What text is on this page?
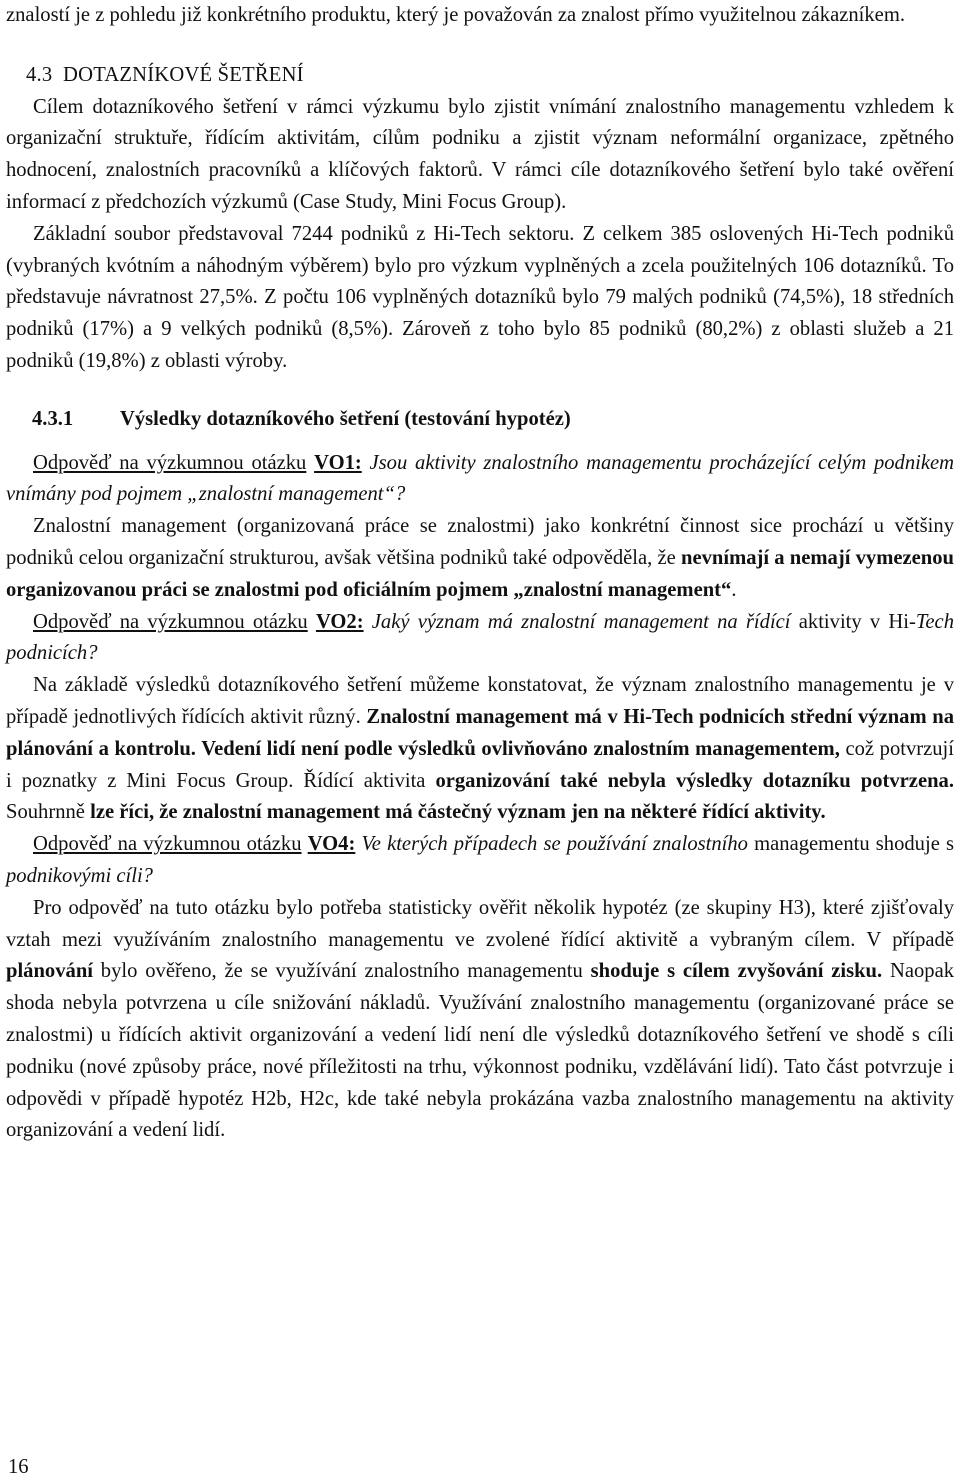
znalostí je z pohledu již konkrétního produktu, který je považován za znalost přímo využitelnou zákazníkem.

4.3 DOTAZNÍKOVÉ ŠETŘENÍ

Cílem dotazníkového šetření v rámci výzkumu bylo zjistit vnímání znalostního managementu vzhledem k organizační struktuře, řídícím aktivitám, cílům podniku a zjistit význam neformální organizace, zpětného hodnocení, znalostních pracovníků a klíčových faktorů. V rámci cíle dotazníkového šetření bylo také ověření informací z předchozích výzkumů (Case Study, Mini Focus Group).

Základní soubor představoval 7244 podniků z Hi-Tech sektoru. Z celkem 385 oslovených Hi-Tech podniků (vybraných kvótním a náhodným výběrem) bylo pro výzkum vyplněných a zcela použitelných 106 dotazníků. To představuje návratnost 27,5%. Z počtu 106 vyplněných dotazníků bylo 79 malých podniků (74,5%), 18 středních podniků (17%) a 9 velkých podniků (8,5%). Zároveň z toho bylo 85 podniků (80,2%) z oblasti služeb a 21 podniků (19,8%) z oblasti výroby.

4.3.1 Výsledky dotazníkového šetření (testování hypotéz)

Odpověď na výzkumnou otázku VO1: Jsou aktivity znalostního managementu procházející celým podnikem vnímány pod pojmem „znalostní management“?

Znalostní management (organizovaná práce se znalostmi) jako konkrétní činnost sice prochází u většiny podniků celou organizační strukturou, avšak většina podniků také odpověděla, že nevnímají a nemají vymezenou organizovanou práci se znalostmi pod oficiálním pojmem „znalostní management“.

Odpověď na výzkumnou otázku VO2: Jaký význam má znalostní management na řídící aktivity v Hi-Tech podnicích?

Na základě výsledků dotazníkového šetření můžeme konstatovat, že význam znalostního managementu je v případě jednotlivých řídících aktivit různý. Znalostní management má v Hi-Tech podnicích střední význam na plánování a kontrolu. Vedení lidí není podle výsledků ovlivňováno znalostním managementem, což potvrzují i poznatky z Mini Focus Group. Řídící aktivita organizování také nebyla výsledky dotazníku potvrzena. Souhrnně lze říci, že znalostní management má částečný význam jen na některé řídící aktivity.

Odpověď na výzkumnou otázku VO4: Ve kterých případech se používání znalostního managementu shoduje s podnikovými cíli?

Pro odpověď na tuto otázku bylo potřeba statisticky ověřit několik hypotéz (ze skupiny H3), které zjišťovaly vztah mezi využíváním znalostního managementu ve zvolené řídící aktivitě a vybraným cílem. V případě plánování bylo ověřeno, že se využívání znalostního managementu shoduje s cílem zvyšování zisku. Naopak shoda nebyla potvrzena u cíle snižování nákladů. Využívání znalostního managementu (organizované práce se znalostmi) u řídících aktivit organizování a vedení lidí není dle výsledků dotazníkového šetření ve shodě s cíli podniku (nové způsoby práce, nové příležitosti na trhu, výkonnost podniku, vzdělávání lidí). Tato část potvrzuje i odpovědi v případě hypotéz H2b, H2c, kde také nebyla prokázána vazba znalostního managementu na aktivity organizování a vedení lidí.

16
